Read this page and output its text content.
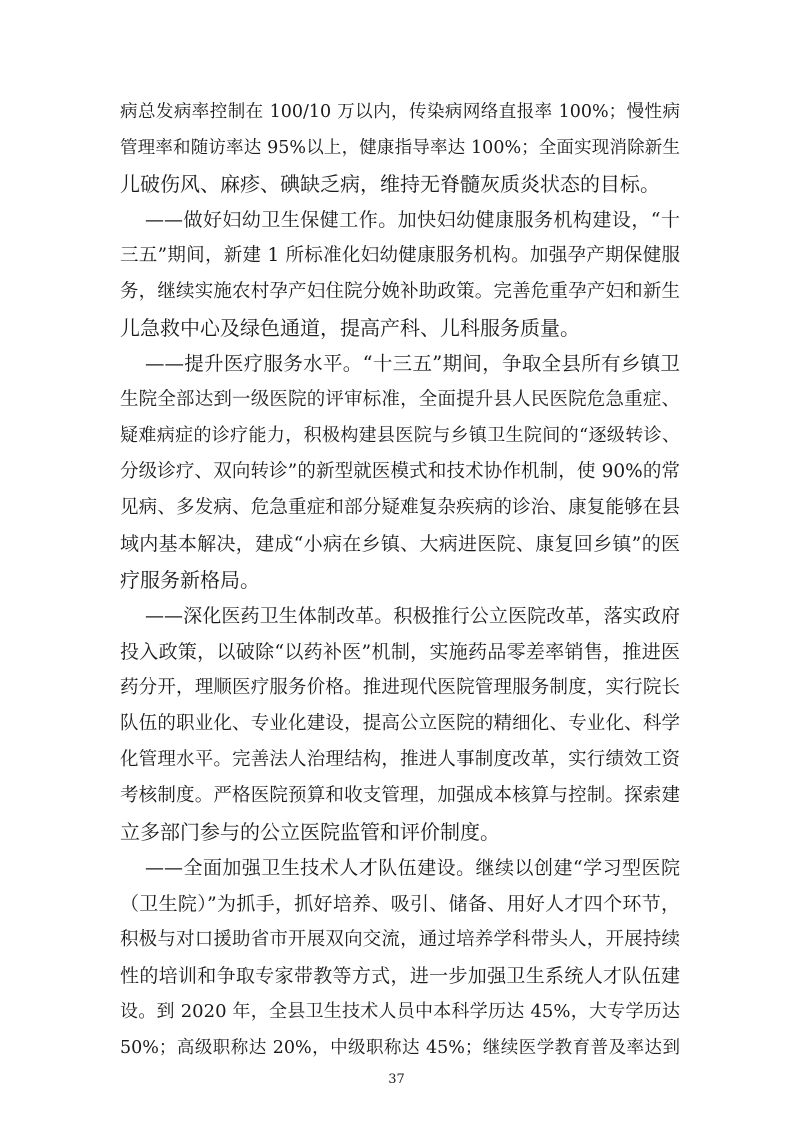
病总发病率控制在 100/10 万以内，传染病网络直报率 100%；慢性病
管理率和随访率达 95%以上，健康指导率达 100%；全面实现消除新生
儿破伤风、麻疹、碘缺乏病，维持无脊髓灰质炎状态的目标。
——做好妇幼卫生保健工作。加快妇幼健康服务机构建设，“十
三五”期间，新建 1 所标准化妇幼健康服务机构。加强孕产期保健服
务，继续实施农村孕产妇住院分娩补助政策。完善危重孕产妇和新生
儿急救中心及绿色通道，提高产科、儿科服务质量。
——提升医疗服务水平。“十三五”期间，争取全县所有乡镇卫
生院全部达到一级医院的评审标准，全面提升县人民医院危急重症、
疑难病症的诊疗能力，积极构建县医院与乡镇卫生院间的“逐级转诊、
分级诊疗、双向转诊”的新型就医模式和技术协作机制，使 90%的常
见病、多发病、危急重症和部分疑难复杂疾病的诊治、康复能够在县
域内基本解决，建成“小病在乡镇、大病进医院、康复回乡镇”的医
疗服务新格局。
——深化医药卫生体制改革。积极推行公立医院改革，落实政府
投入政策，以破除“以药补医”机制，实施药品零差率销售，推进医
药分开，理顺医疗服务价格。推进现代医院管理服务制度，实行院长
队伍的职业化、专业化建设，提高公立医院的精细化、专业化、科学
化管理水平。完善法人治理结构，推进人事制度改革，实行绩效工资
考核制度。严格医院预算和收支管理，加强成本核算与控制。探索建
立多部门参与的公立医院监管和评价制度。
——全面加强卫生技术人才队伍建设。继续以创建“学习型医院
（卫生院）”为抓手，抓好培养、吸引、储备、用好人才四个环节，
积极与对口援助省市开展双向交流，通过培养学科带头人，开展持续
性的培训和争取专家带教等方式，进一步加强卫生系统人才队伍建
设。到 2020 年，全县卫生技术人员中本科学历达 45%，大专学历达
50%；高级职称达 20%，中级职称达 45%；继续医学教育普及率达到
37
